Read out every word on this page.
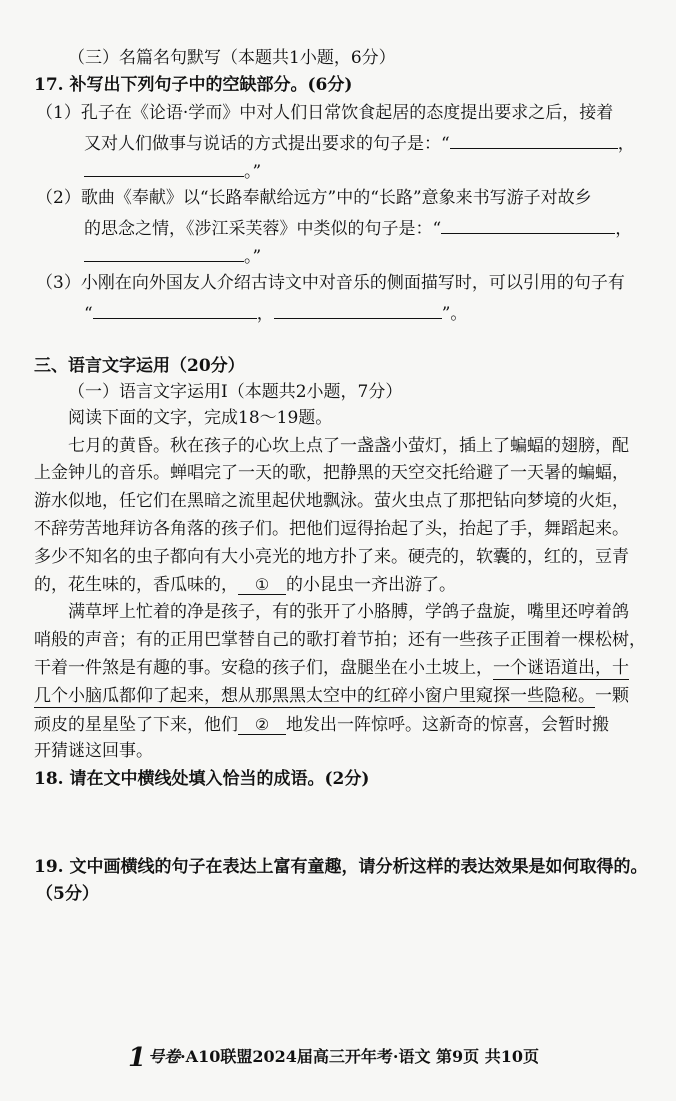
（三）名篇名句默写（本题共1小题，6分）
17. 补写出下列句子中的空缺部分。(6分)
（1）孔子在《论语·学而》中对人们日常饮食起居的态度提出要求之后，接着
又对人们做事与说话的方式提出要求的句子是：“	，
。”
（2）歌曲《奉献》以“长路奉献给远方”中的“长路”意象来书写游子对故乡
的思念之情，《涉江采芙蓉》中类似的句子是：“	，
。”
（3）小刚在向外国友人介绍古诗文中对音乐的侧面描写时，可以引用的句子有
“	，	”。
三、语言文字运用（20分）
（一）语言文字运用Ⅰ（本题共2小题，7分）
阅读下面的文字，完成18～19题。
七月的黄昏。秋在孩子的心坎上点了一盏盏小萤灯，插上了蝙蝠的翅膀，配
上金钟儿的音乐。蝉唱完了一天的歌，把静黑的天空交托给避了一天暑的蝙蝠，
游水似地，任它们在黑暗之流里起伏地飘泳。萤火虫点了那把钻向梦境的火炬，
不辞劳苦地拜访各角落的孩子们。把他们逗得抬起了头，抬起了手，舞蹈起来。
多少不知名的虫子都向有大小亮光的地方扑了来。硬壳的，软囊的，红的，豆青
的，花生味的，香瓜味的， ① 的小昆虫一齐出游了。
满草坪上忙着的净是孩子，有的张开了小胳膊，学鸽子盘旋，嘴里还哼着鸽
哨般的声音；有的正用巴掌替自己的歌打着节拍；还有一些孩子正围着一棵松树，
干着一件煞是有趣的事。安稳的孩子们，盘腿坐在小土坡上，一个谜语道出，十
几个小脑瓜都仰了起来，想从那黑黑太空中的红碎小窗户里窥探一些隐秘。一颗
顽皮的星星坠了下来，他们 ② 地发出一阵惊呼。这新奇的惊喜，会暂时搬
开猜谜这回事。
18. 请在文中横线处填入恰当的成语。(2分)
19. 文中画横线的句子在表达上富有童趣，请分析这样的表达效果是如何取得的。
（5分）
1 号卷·A10联盟2024届高三开年考·语文 第9页 共10页
